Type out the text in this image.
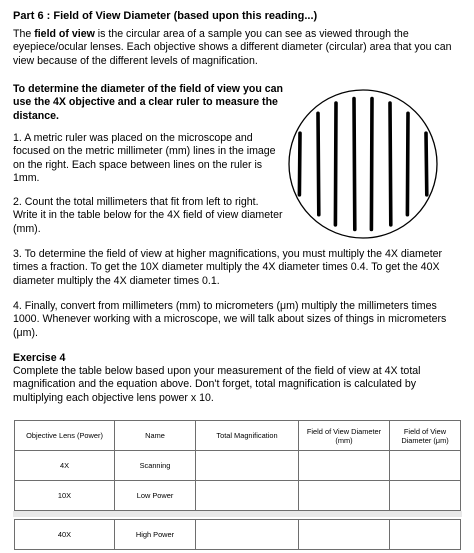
Part 6 : Field of View Diameter (based upon this reading...)

The field of view is the circular area of a sample you can see as viewed through the eyepiece/ocular lenses. Each objective shows a different diameter (circular) area that you can view because of the different levels of magnification.

To determine the diameter of the field of view you can use the 4X objective and a clear ruler to measure the distance.

1. A metric ruler was placed on the microscope and focused on the metric millimeter (mm) lines in the image on the right. Each space between lines on the ruler is 1mm.

2. Count the total millimeters that fit from left to right. Write it in the table below for the 4X field of view diameter (mm).

3. To determine the field of view at higher magnifications, you must multiply the 4X diameter times a fraction. To get the 10X diameter multiply the 4X diameter times 0.4. To get the 40X diameter multiply the 4X diameter times 0.1.

4. Finally, convert from millimeters (mm) to micrometers (μm) multiply the millimeters times 1000. Whenever working with a microscope, we will talk about sizes of things in micrometers (μm).

Exercise 4

Complete the table below based upon your measurement of the field of view at 4X total magnification and the equation above. Don't forget, total magnification is calculated by multiplying each objective lens power x 10.

Objective Lens (Power)	Name	Total Magnification	Field of View Diameter (mm)	Field of View Diameter (μm)
4X	Scanning			
10X	Low Power			
40X	High Power			
